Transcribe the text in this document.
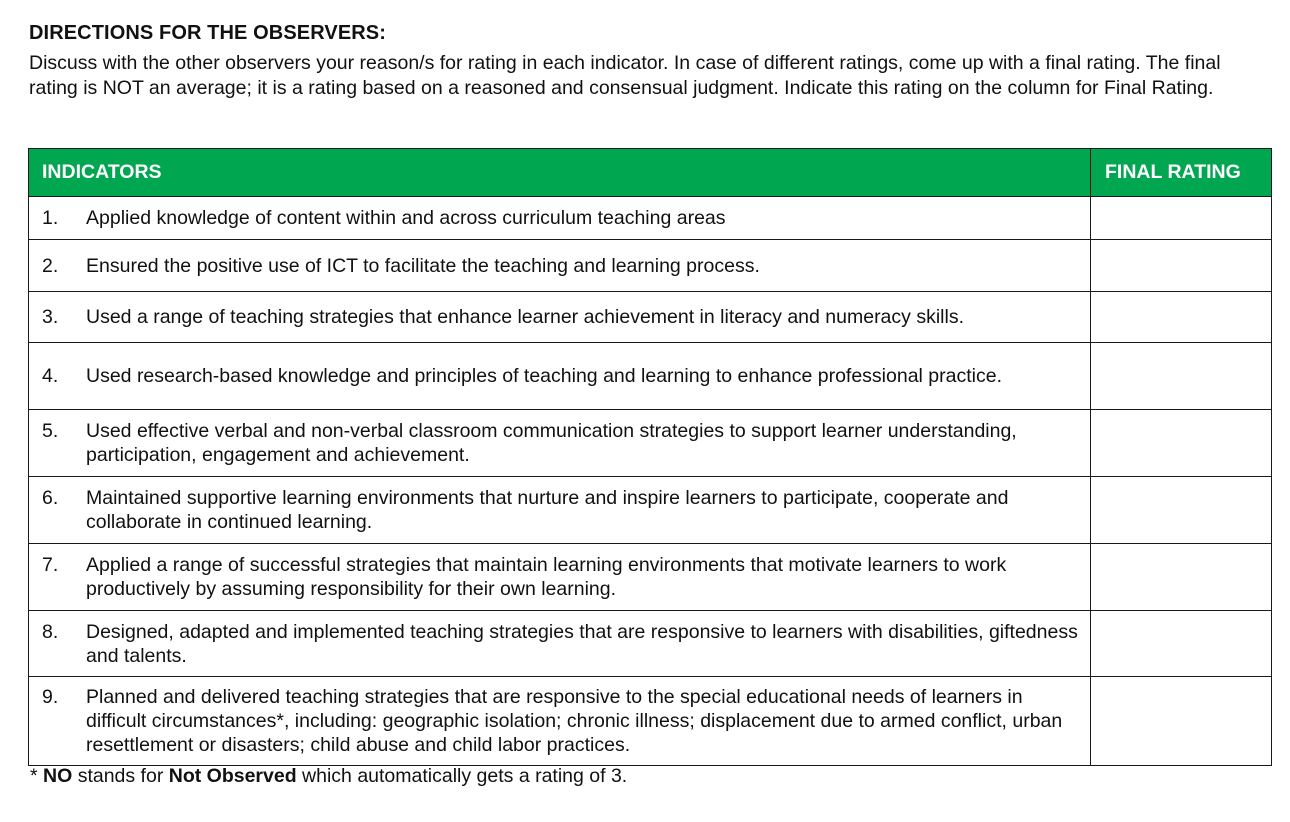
DIRECTIONS FOR THE OBSERVERS:
Discuss with the other observers your reason/s for rating in each indicator. In case of different ratings, come up with a final rating. The final rating is NOT an average; it is a rating based on a reasoned and consensual judgment. Indicate this rating on the column for Final Rating.
INDICATORS	FINAL RATING

1. Applied knowledge of content within and across curriculum teaching areas	

2. Ensured the positive use of ICT to facilitate the teaching and learning process.	

3. Used a range of teaching strategies that enhance learner achievement in literacy and numeracy skills.	

4. Used research-based knowledge and principles of teaching and learning to enhance professional practice.	

5. Used effective verbal and non-verbal classroom communication strategies to support learner understanding, participation, engagement and achievement.	

6. Maintained supportive learning environments that nurture and inspire learners to participate, cooperate and collaborate in continued learning.	

7. Applied a range of successful strategies that maintain learning environments that motivate learners to work productively by assuming responsibility for their own learning.	

8. Designed, adapted and implemented teaching strategies that are responsive to learners with disabilities, giftedness and talents.	

9. Planned and delivered teaching strategies that are responsive to the special educational needs of learners in difficult circumstances*, including: geographic isolation; chronic illness; displacement due to armed conflict, urban resettlement or disasters; child abuse and child labor practices.	

* NO stands for Not Observed which automatically gets a rating of 3.
